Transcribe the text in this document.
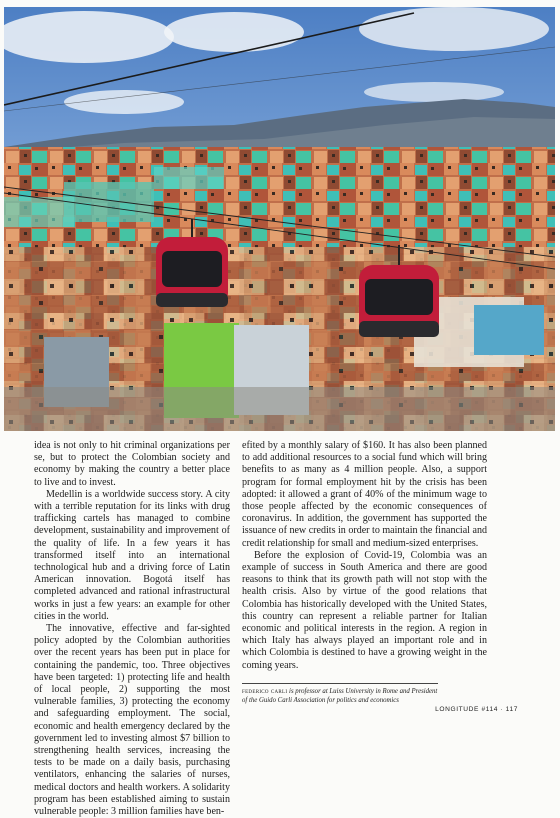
idea is not only to hit criminal organizations per se, but to protect the Colombian society and economy by making the country a better place to live and to invest.

Medellin is a worldwide success story. A city with a terrible reputation for its links with drug trafficking cartels has managed to combine development, sustainability and improvement of the quality of life. In a few years it has transformed itself into an international technological hub and a driving force of Latin American innovation. Bogotá itself has completed advanced and rational infrastructural works in just a few years: an example for other cities in the world.

The innovative, effective and far-sighted policy adopted by the Colombian authorities over the recent years has been put in place for containing the pandemic, too. Three objectives have been targeted: 1) protecting life and health of local people, 2) supporting the most vulnerable families, 3) protecting the economy and safeguarding employment. The social, economic and health emergency declared by the government led to investing almost $7 billion to strengthening health services, increasing the tests to be made on a daily basis, purchasing ventilators, enhancing the salaries of nurses, medical doctors and health workers. A solidarity program has been established aiming to sustain vulnerable people: 3 million families have ben-

efited by a monthly salary of $160. It has also been planned to add additional resources to a social fund which will bring benefits to as many as 4 million people. Also, a support program for formal employment hit by the crisis has been adopted: it allowed a grant of 40% of the minimum wage to those people affected by the economic consequences of coronavirus. In addition, the government has supported the issuance of new credits in order to maintain the financial and credit relationship for small and medium-sized enterprises.

Before the explosion of Covid-19, Colombia was an example of success in South America and there are good reasons to think that its growth path will not stop with the health crisis. Also by virtue of the good relations that Colombia has historically developed with the United States, this country can represent a reliable partner for Italian economic and political interests in the region. A region in which Italy has always played an important role and in which Colombia is destined to have a growing weight in the coming years.

federico carli is professor at Luiss University in Rome and President of the Guido Carli Association for politics and economics
LONGITUDE #114 · 117
